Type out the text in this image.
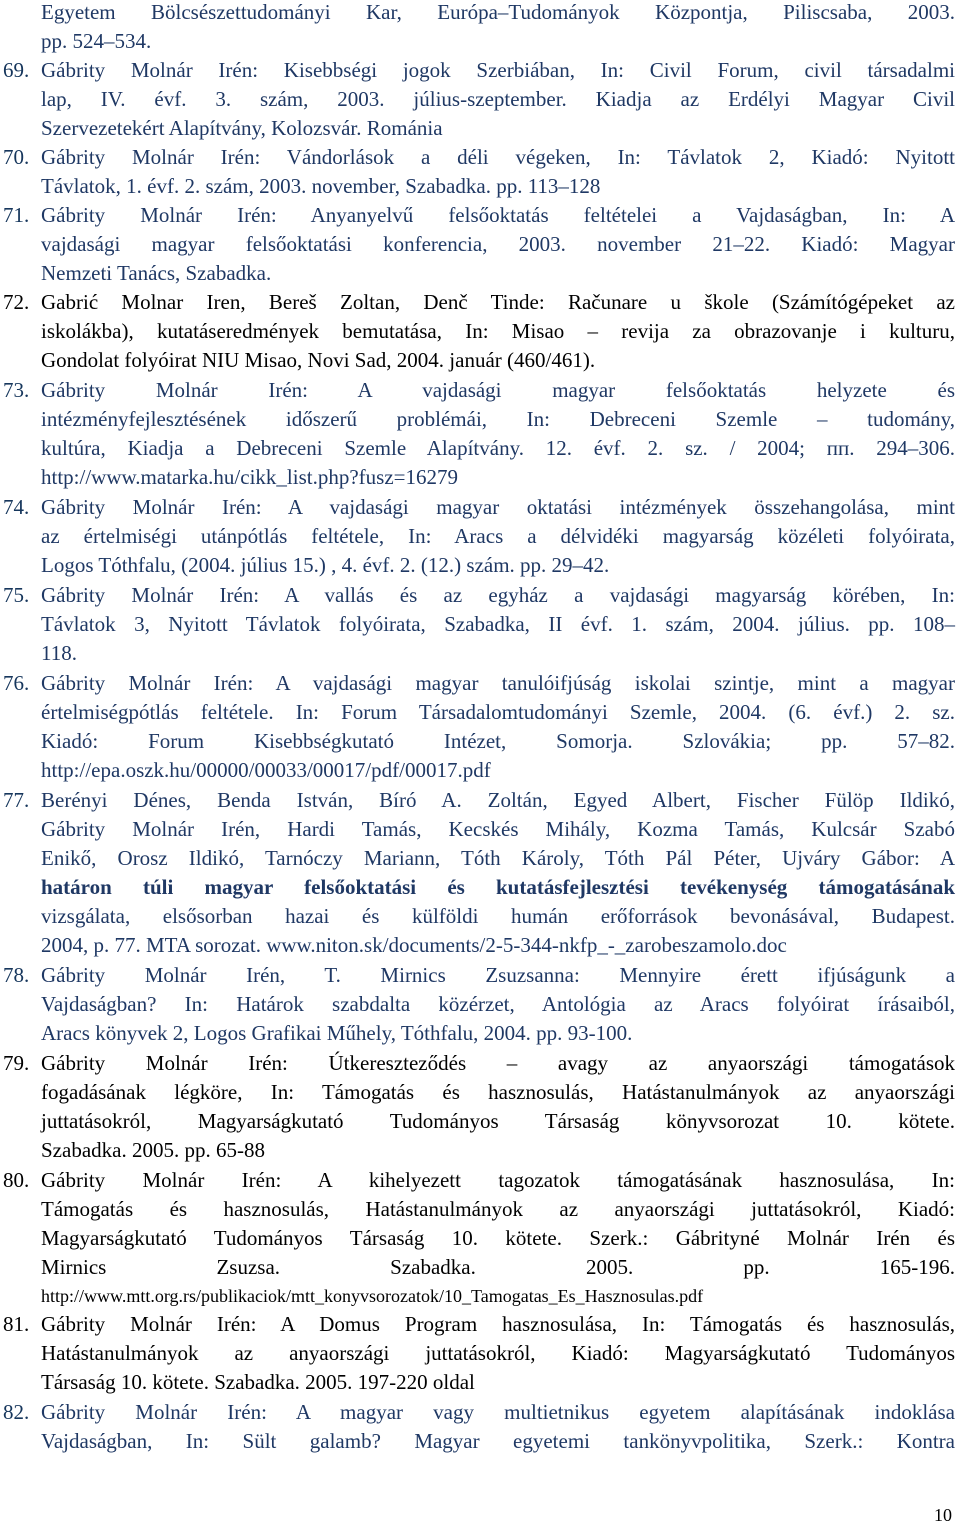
Egyetem Bölcsészettudományi Kar, Európa–Tudományok Központja, Piliscsaba, 2003.
pp. 524–534.
69. Gábrity Molnár Irén: Kisebbségi jogok Szerbiában, In: Civil Forum, civil társadalmi
lap, IV. évf. 3. szám, 2003. július-szeptember. Kiadja az Erdélyi Magyar Civil
Szervezetekért Alapítvány, Kolozsvár. Románia
70. Gábrity Molnár Irén: Vándorlások a déli végeken, In: Távlatok 2, Kiadó: Nyitott
Távlatok, 1. évf. 2. szám, 2003. november, Szabadka. pp. 113–128
71. Gábrity Molnár Irén: Anyanyelvű felsőoktatás feltételei a Vajdaságban, In: A
vajdasági magyar felsőoktatási konferencia, 2003. november 21–22. Kiadó: Magyar
Nemzeti Tanács, Szabadka.
72. Gabrić Molnar Iren, Bereš Zoltan, Denč Tinde: Računare u škole (Számítógépeket az
iskolákba), kutatáseredmények bemutatása, In: Misao – revija za obrazovanje i kulturu,
Gondolat folyóirat NIU Misao, Novi Sad, 2004. január (460/461).
73. Gábrity Molnár Irén: A vajdasági magyar felsőoktatás helyzete és
intézményfejlesztésének időszerű problémái, In: Debreceni Szemle – tudomány,
kultúra, Kiadja a Debreceni Szemle Alapítvány. 12. évf. 2. sz. / 2004; пп. 294–306.
http://www.matarka.hu/cikk_list.php?fusz=16279
74. Gábrity Molnár Irén: A vajdasági magyar oktatási intézmények összehangolása, mint
az értelmiségi utánpótlás feltétele, In: Aracs a délvidéki magyarság közéleti folyóirata,
Logos Tóthfalu, (2004. július 15.) , 4. évf. 2. (12.) szám. pp. 29–42.
75. Gábrity Molnár Irén: A vallás és az egyház a vajdasági magyarság körében, In:
Távlatok 3, Nyitott Távlatok folyóirata, Szabadka, II évf. 1. szám, 2004. július. pp. 108–
118.
76. Gábrity Molnár Irén: A vajdasági magyar tanulóifjúság iskolai szintje, mint a magyar
értelmiségpótlás feltétele. In: Forum Társadalomtudományi Szemle, 2004. (6. évf.) 2. sz.
Kiadó: Forum Kisebbségkutató Intézet, Somorja. Szlovákia; pp. 57–82.
http://epa.oszk.hu/00000/00033/00017/pdf/00017.pdf
77. Berényi Dénes, Benda István, Bíró A. Zoltán, Egyed Albert, Fischer Fülöp Ildikó,
Gábrity Molnár Irén, Hardi Tamás, Kecskés Mihály, Kozma Tamás, Kulcsár Szabó
Enikő, Orosz Ildikó, Tarnóczy Mariann, Tóth Károly, Tóth Pál Péter, Ujváry Gábor: A
határon túli magyar felsőoktatási és kutatásfejlesztési tevékenység támogatásának
vizsgálata, elsősorban hazai és külföldi humán erőforrások bevonásával, Budapest.
2004, p. 77. MTA sorozat. www.niton.sk/documents/2-5-344-nkfp_-_zarobeszamolo.doc
78. Gábrity Molnár Irén, T. Mirnics Zsuzsanna: Mennyire érett ifjúságunk a
Vajdaságban? In: Határok szabdalta közérzet, Antológia az Aracs folyóirat írásaiból,
Aracs könyvek 2, Logos Grafikai Műhely, Tóthfalu, 2004. pp. 93-100.
79. Gábrity Molnár Irén: Útkereszteződés – avagy az anyaországi támogatások
fogadásának légköre, In: Támogatás és hasznosulás, Hatástanulmányok az anyaországi
juttatásokról, Magyarságkutató Tudományos Társaság könyvsorozat 10. kötete.
Szabadka. 2005. pp. 65-88
80. Gábrity Molnár Irén: A kihelyezett tagozatok támogatásának hasznosulása, In:
Támogatás és hasznosulás, Hatástanulmányok az anyaországi juttatásokról, Kiadó:
Magyarságkutató Tudományos Társaság 10. kötete. Szerk.: Gábrityné Molnár Irén és
Mirnics Zsuzsa. Szabadka. 2005. pp. 165-196.
http://www.mtt.org.rs/publikaciok/mtt_konyvsorozatok/10_Tamogatas_Es_Hasznosulas.pdf
81. Gábrity Molnár Irén: A Domus Program hasznosulása, In: Támogatás és hasznosulás,
Hatástanulmányok az anyaországi juttatásokról, Kiadó: Magyarságkutató Tudományos
Társaság 10. kötete. Szabadka. 2005. 197-220 oldal
82. Gábrity Molnár Irén: A magyar vagy multietnikus egyetem alapításának indoklása
Vajdaságban, In: Sült galamb? Magyar egyetemi tankönyvpolitika, Szerk.: Kontra
10
